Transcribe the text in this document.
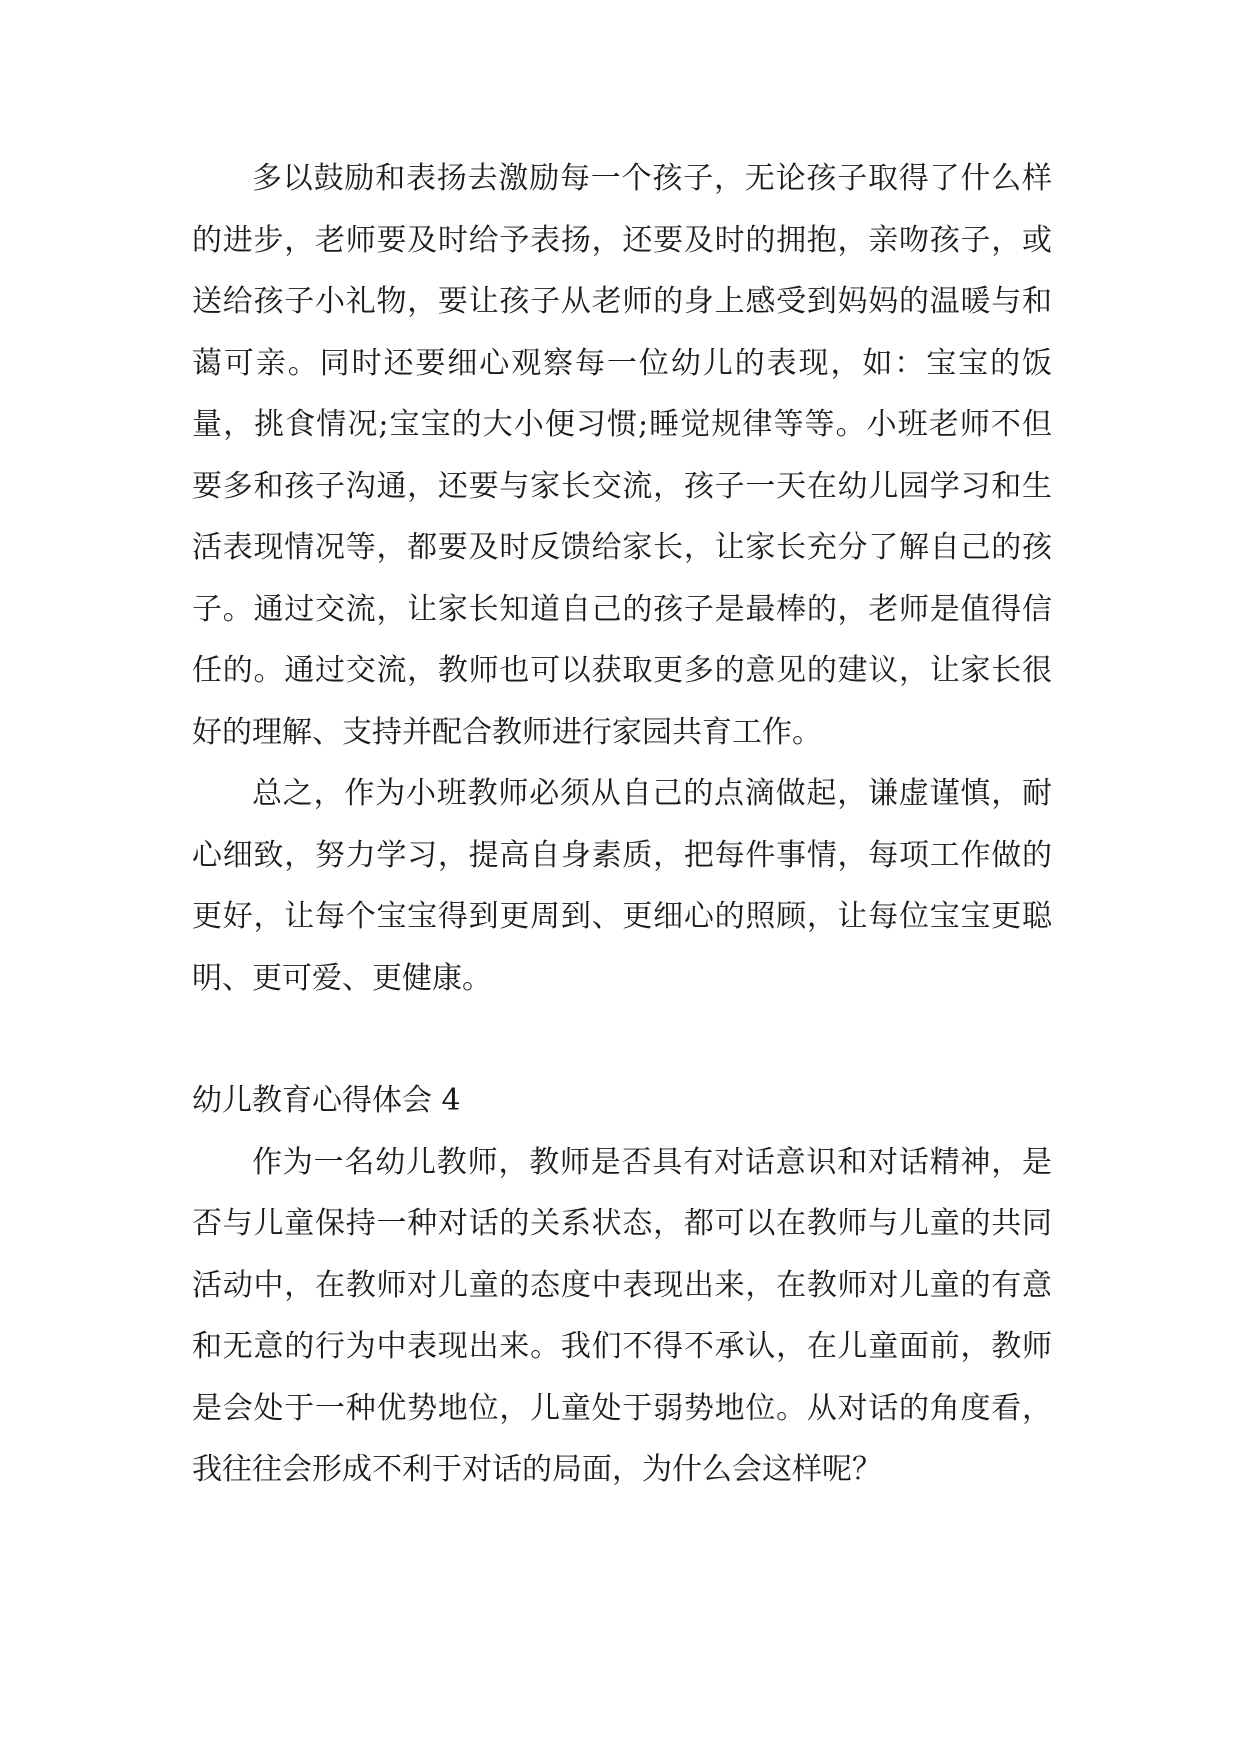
多以鼓励和表扬去激励每一个孩子，无论孩子取得了什么样的进步，老师要及时给予表扬，还要及时的拥抱，亲吻孩子，或送给孩子小礼物，要让孩子从老师的身上感受到妈妈的温暖与和蔼可亲。同时还要细心观察每一位幼儿的表现，如：宝宝的饭量，挑食情况;宝宝的大小便习惯;睡觉规律等等。小班老师不但要多和孩子沟通，还要与家长交流，孩子一天在幼儿园学习和生活表现情况等，都要及时反馈给家长，让家长充分了解自己的孩子。通过交流，让家长知道自己的孩子是最棒的，老师是值得信任的。通过交流，教师也可以获取更多的意见的建议，让家长很好的理解、支持并配合教师进行家园共育工作。

总之，作为小班教师必须从自己的点滴做起，谦虚谨慎，耐心细致，努力学习，提高自身素质，把每件事情，每项工作做的更好，让每个宝宝得到更周到、更细心的照顾，让每位宝宝更聪明、更可爱、更健康。

幼儿教育心得体会 4

作为一名幼儿教师，教师是否具有对话意识和对话精神，是否与儿童保持一种对话的关系状态，都可以在教师与儿童的共同活动中，在教师对儿童的态度中表现出来，在教师对儿童的有意和无意的行为中表现出来。我们不得不承认，在儿童面前，教师是会处于一种优势地位，儿童处于弱势地位。从对话的角度看，我往往会形成不利于对话的局面，为什么会这样呢？
